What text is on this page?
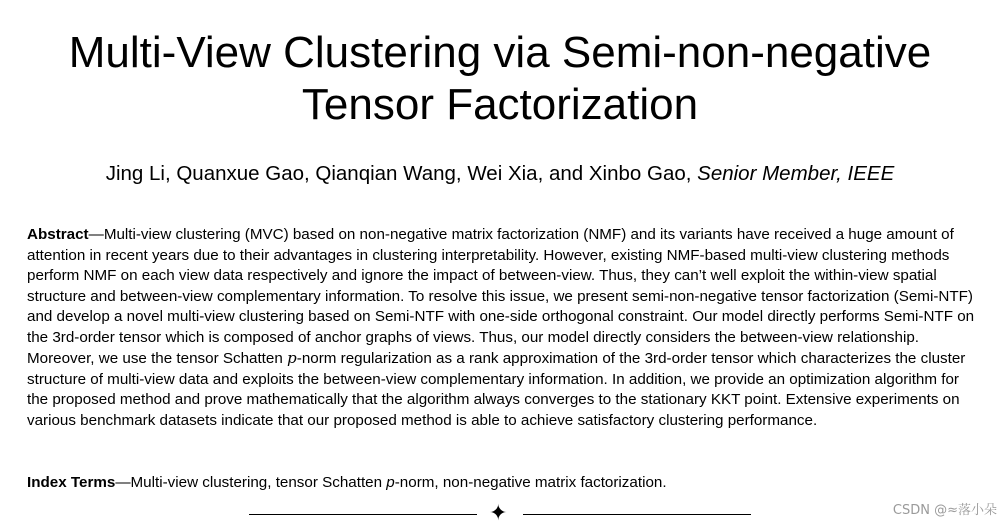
Multi-View Clustering via Semi-non-negative
Tensor Factorization
Jing Li, Quanxue Gao, Qianqian Wang, Wei Xia, and Xinbo Gao, Senior Member, IEEE

Abstract—Multi-view clustering (MVC) based on non-negative matrix factorization (NMF) and its variants have received a huge amount of attention in recent years due to their advantages in clustering interpretability. However, existing NMF-based multi-view clustering methods perform NMF on each view data respectively and ignore the impact of between-view. Thus, they can’t well exploit the within-view spatial structure and between-view complementary information. To resolve this issue, we present semi-non-negative tensor factorization (Semi-NTF) and develop a novel multi-view clustering based on Semi-NTF with one-side orthogonal constraint. Our model directly performs Semi-NTF on the 3rd-order tensor which is composed of anchor graphs of views. Thus, our model directly considers the between-view relationship. Moreover, we use the tensor Schatten p-norm regularization as a rank approximation of the 3rd-order tensor which characterizes the cluster structure of multi-view data and exploits the between-view complementary information. In addition, we provide an optimization algorithm for the proposed method and prove mathematically that the algorithm always converges to the stationary KKT point. Extensive experiments on various benchmark datasets indicate that our proposed method is able to achieve satisfactory clustering performance.

Index Terms—Multi-view clustering, tensor Schatten p-norm, non-negative matrix factorization.

✦	CSDN @≈落小朵
